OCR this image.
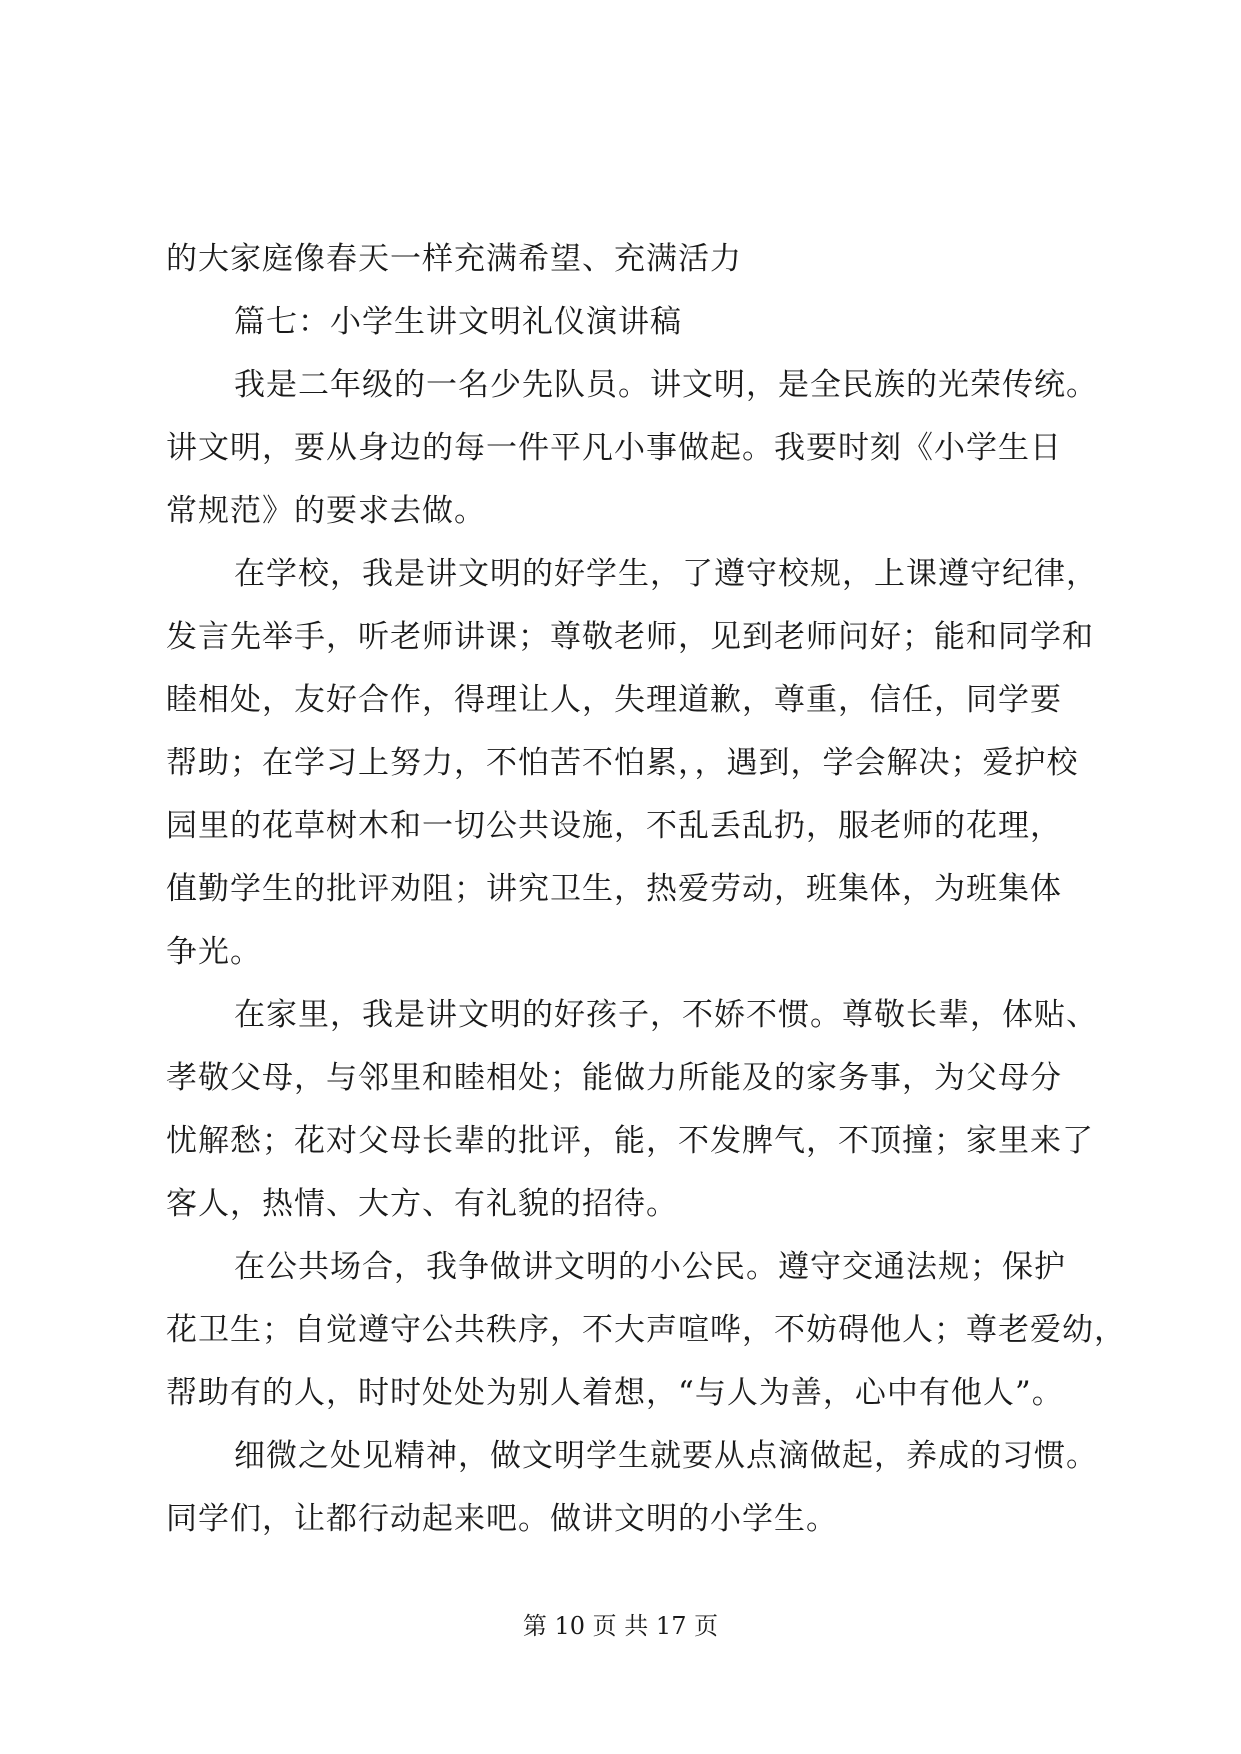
的大家庭像春天一样充满希望、充满活力
篇七：小学生讲文明礼仪演讲稿
我是二年级的一名少先队员。讲文明，是全民族的光荣传统。
讲文明，要从身边的每一件平凡小事做起。我要时刻《小学生日
常规范》的要求去做。
在学校，我是讲文明的好学生，了遵守校规，上课遵守纪律，
发言先举手，听老师讲课；尊敬老师，见到老师问好；能和同学和
睦相处，友好合作，得理让人，失理道歉，尊重，信任，同学要
帮助；在学习上努力，不怕苦不怕累，，遇到，学会解决；爱护校
园里的花草树木和一切公共设施，不乱丢乱扔，服老师的花理，
值勤学生的批评劝阻；讲究卫生，热爱劳动，班集体，为班集体
争光。
在家里，我是讲文明的好孩子，不娇不惯。尊敬长辈，体贴、
孝敬父母，与邻里和睦相处；能做力所能及的家务事，为父母分
忧解愁；花对父母长辈的批评，能，不发脾气，不顶撞；家里来了
客人，热情、大方、有礼貌的招待。
在公共场合，我争做讲文明的小公民。遵守交通法规；保护
花卫生；自觉遵守公共秩序，不大声喧哗，不妨碍他人；尊老爱幼，
帮助有的人，时时处处为别人着想，“与人为善，心中有他人”。
细微之处见精神，做文明学生就要从点滴做起，养成的习惯。
同学们，让都行动起来吧。做讲文明的小学生。
第 10 页 共 17 页
